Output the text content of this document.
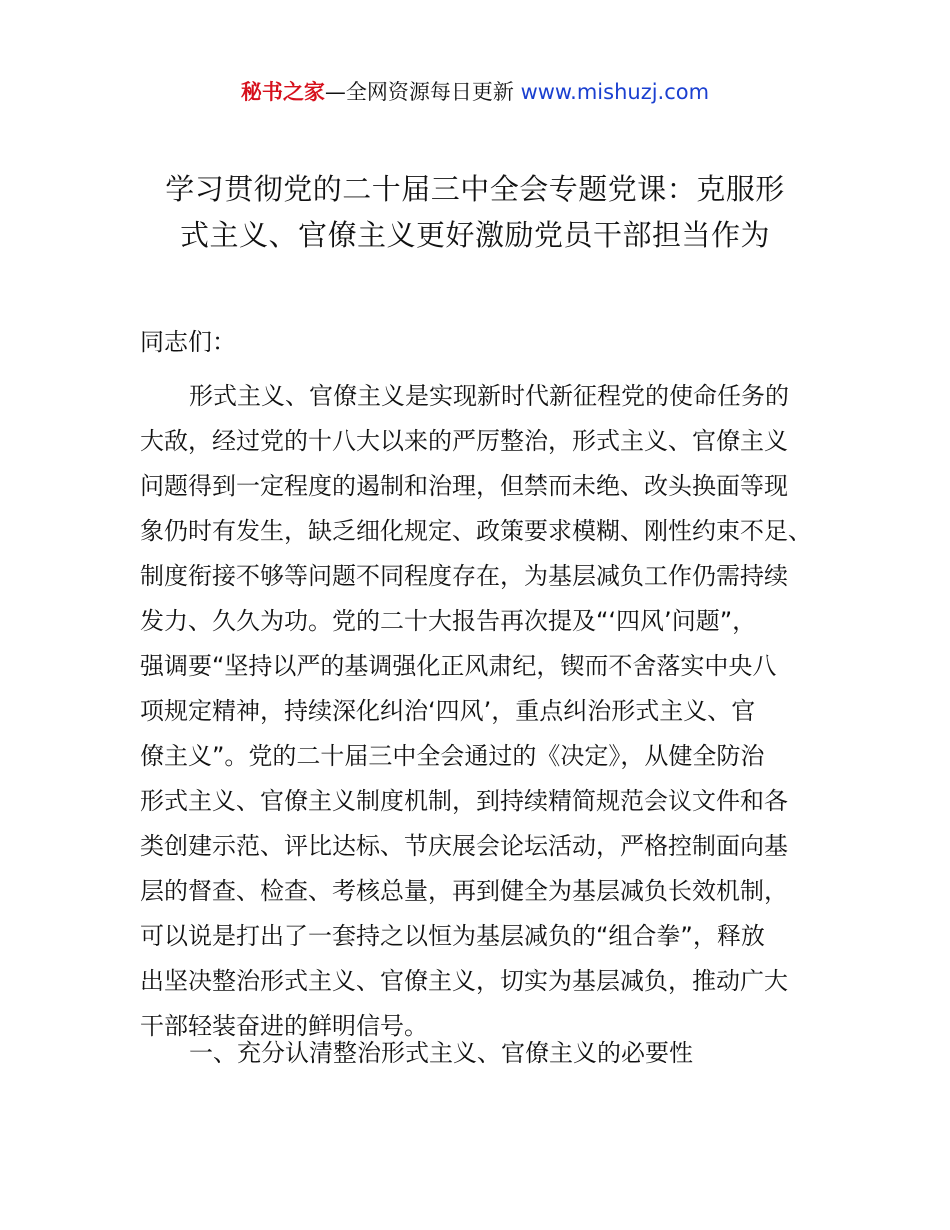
秘书之家—全网资源每日更新 www.mishuzj.com
学习贯彻党的二十届三中全会专题党课：克服形
式主义、官僚主义更好激励党员干部担当作为
同志们：
形式主义、官僚主义是实现新时代新征程党的使命任务的
大敌，经过党的十八大以来的严厉整治，形式主义、官僚主义
问题得到一定程度的遏制和治理，但禁而未绝、改头换面等现
象仍时有发生，缺乏细化规定、政策要求模糊、刚性约束不足、
制度衔接不够等问题不同程度存在，为基层减负工作仍需持续
发力、久久为功。党的二十大报告再次提及“‘四风’问题”，
强调要“坚持以严的基调强化正风肃纪，锲而不舍落实中央八
项规定精神，持续深化纠治‘四风’，重点纠治形式主义、官
僚主义”。党的二十届三中全会通过的《决定》，从健全防治
形式主义、官僚主义制度机制，到持续精简规范会议文件和各
类创建示范、评比达标、节庆展会论坛活动，严格控制面向基
层的督查、检查、考核总量，再到健全为基层减负长效机制，
可以说是打出了一套持之以恒为基层减负的“组合拳”，释放
出坚决整治形式主义、官僚主义，切实为基层减负，推动广大
干部轻装奋进的鲜明信号。
一、充分认清整治形式主义、官僚主义的必要性
